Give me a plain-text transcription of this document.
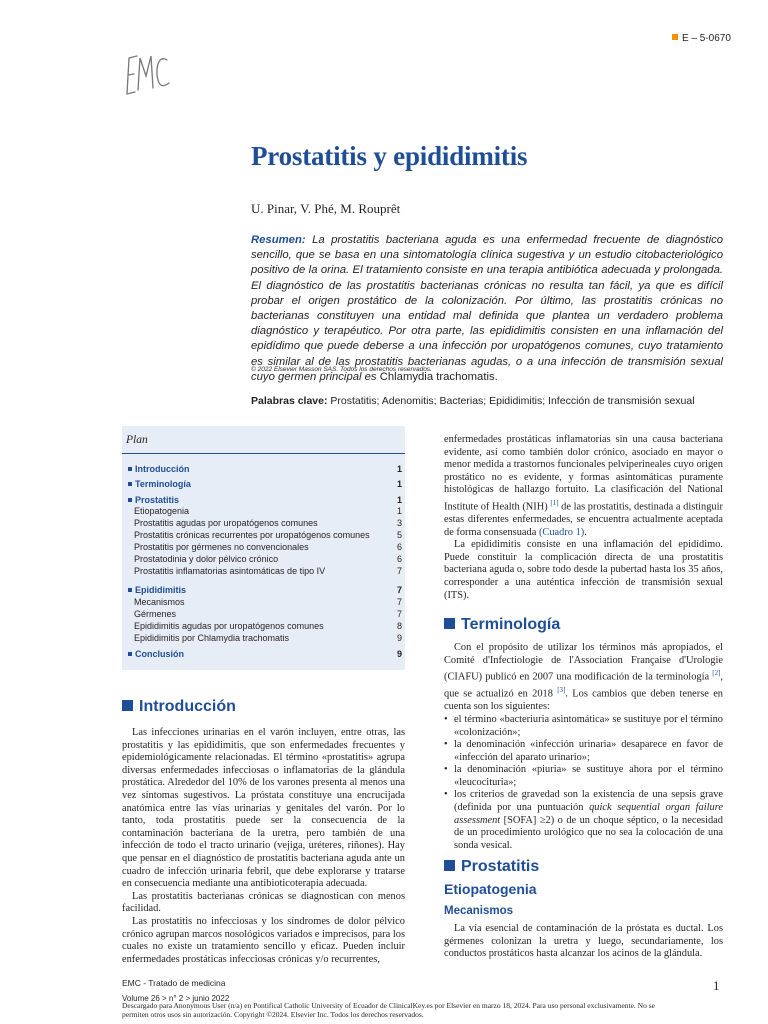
E – 5-0670
Prostatitis y epididimitis
U. Pinar, V. Phé, M. Rouprêt
Resumen: La prostatitis bacteriana aguda es una enfermedad frecuente de diagnóstico sencillo, que se basa en una sintomatología clínica sugestiva y un estudio citobacteriológico positivo de la orina. El tratamiento consiste en una terapia antibiótica adecuada y prolongada. El diagnóstico de las prostatitis bacterianas crónicas no resulta tan fácil, ya que es difícil probar el origen prostático de la colonización. Por último, las prostatitis crónicas no bacterianas constituyen una entidad mal definida que plantea un verdadero problema diagnóstico y terapéutico. Por otra parte, las epididimitis consisten en una inflamación del epidídimo que puede deberse a una infección por uropatógenos comunes, cuyo tratamiento es similar al de las prostatitis bacterianas agudas, o a una infección de transmisión sexual cuyo germen principal es Chlamydia trachomatis.
© 2022 Elsevier Masson SAS. Todos los derechos reservados.
Palabras clave: Prostatitis; Adenomitis; Bacterias; Epididimitis; Infección de transmisión sexual
Plan
Introducción	1
Terminología	1
Prostatitis	1
Etiopatogenia	1
Prostatitis agudas por uropatógenos comunes	3
Prostatitis crónicas recurrentes por uropatógenos comunes	5
Prostatitis por gérmenes no convencionales	6
Prostatodinia y dolor pélvico crónico	6
Prostatitis inflamatorias asintomáticas de tipo IV	7
Epididimitis	7
Mecanismos	7
Gérmenes	7
Epididimitis agudas por uropatógenos comunes	8
Epididimitis por Chlamydia trachomatis	9
Conclusión	9
Introducción

Las infecciones urinarias en el varón incluyen, entre otras, las prostatitis y las epididimitis, que son enfermedades frecuentes y epidemiológicamente relacionadas. El término «prostatitis» agrupa diversas enfermedades infecciosas o inflamatorias de la glándula prostática. Alrededor del 10% de los varones presenta al menos una vez síntomas sugestivos. La próstata constituye una encrucijada anatómica entre las vías urinarias y genitales del varón. Por lo tanto, toda prostatitis puede ser la consecuencia de la contaminación bacteriana de la uretra, pero también de una infección de todo el tracto urinario (vejiga, uréteres, riñones). Hay que pensar en el diagnóstico de prostatitis bacteriana aguda ante un cuadro de infección urinaria febril, que debe explorarse y tratarse en consecuencia mediante una antibioticoterapia adecuada.

Las prostatitis bacterianas crónicas se diagnostican con menos facilidad.

Las prostatitis no infecciosas y los síndromes de dolor pélvico crónico agrupan marcos nosológicos variados e imprecisos, para los cuales no existe un tratamiento sencillo y eficaz. Pueden incluir enfermedades prostáticas infecciosas crónicas y/o recurrentes,

enfermedades prostáticas inflamatorias sin una causa bacteriana evidente, así como también dolor crónico, asociado en mayor o menor medida a trastornos funcionales pelviperineales cuyo origen prostático no es evidente, y formas asintomáticas puramente histológicas de hallazgo fortuito. La clasificación del National Institute of Health (NIH) [1] de las prostatitis, destinada a distinguir estas diferentes enfermedades, se encuentra actualmente aceptada de forma consensuada (Cuadro 1).

La epididimitis consiste en una inflamación del epidídimo. Puede constituir la complicación directa de una prostatitis bacteriana aguda o, sobre todo desde la pubertad hasta los 35 años, corresponder a una auténtica infección de transmisión sexual (ITS).

Terminología

Con el propósito de utilizar los términos más apropiados, el Comité d'Infectiologie de l'Association Française d'Urologie (CIAFU) publicó en 2007 una modificación de la terminología [2], que se actualizó en 2018 [3]. Los cambios que deben tenerse en cuenta son los siguientes:

• el término «bacteriuria asintomática» se sustituye por el término «colonización»;
• la denominación «infección urinaria» desaparece en favor de «infección del aparato urinario»;
• la denominación «piuria» se sustituye ahora por el término «leucocituria»;
• los criterios de gravedad son la existencia de una sepsis grave (definida por una puntuación quick sequential organ failure assessment [SOFA] ≥2) o de un choque séptico, o la necesidad de un procedimiento urológico que no sea la colocación de una sonda vesical.
Prostatitis
Etiopatogenia
Mecanismos

La vía esencial de contaminación de la próstata es ductal. Los gérmenes colonizan la uretra y luego, secundariamente, los conductos prostáticos hasta alcanzar los acinos de la glándula.

EMC - Tratado de medicina
Volume 26 > n° 2 > junio 2022
1
Descargado para Anonymous User (n/a) en Pontifical Catholic University of Ecuador de ClinicalKey.es por Elsevier en marzo 18, 2024. Para uso personal exclusivamente. No se permiten otros usos sin autorización. Copyright ©2024. Elsevier Inc. Todos los derechos reservados.
